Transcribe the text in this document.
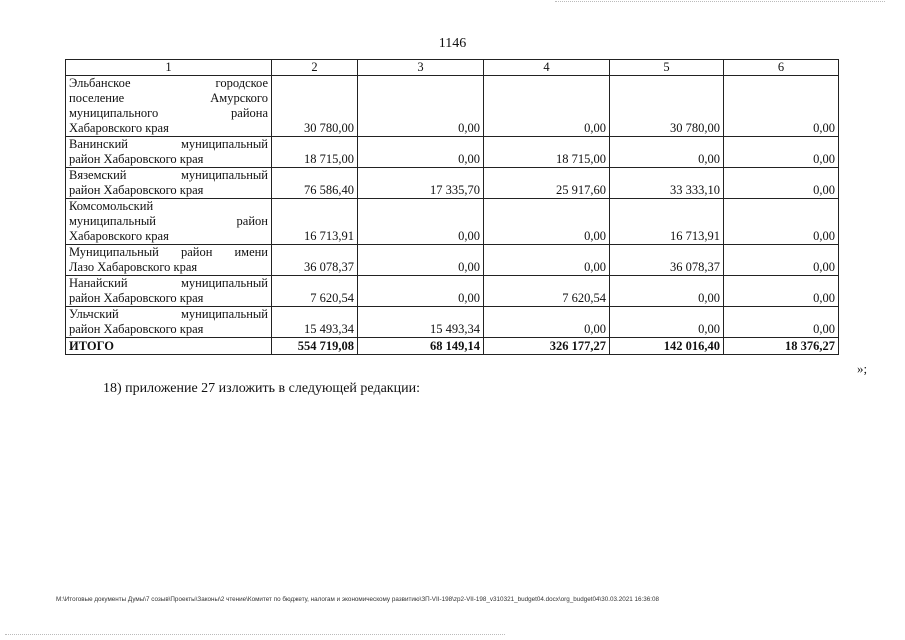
1146
1	2	3	4	5	6

Эльбанское городское
поселение Амурского
муниципального района
Хабаровского края	30 780,00	0,00	0,00	30 780,00	0,00

Ванинский муниципальный
район Хабаровского края	18 715,00	0,00	18 715,00	0,00	0,00

Вяземский муниципальный
район Хабаровского края	76 586,40	17 335,70	25 917,60	33 333,10	0,00

Комсомольский
муниципальный район
Хабаровского края	16 713,91	0,00	0,00	16 713,91	0,00

Муниципальный район имени
Лазо Хабаровского края	36 078,37	0,00	0,00	36 078,37	0,00

Нанайский муниципальный
район Хабаровского края	7 620,54	0,00	7 620,54	0,00	0,00

Ульчский муниципальный
район Хабаровского края	15 493,34	15 493,34	0,00	0,00	0,00
ИТОГО	554 719,08	68 149,14	326 177,27	142 016,40	18 376,27
»;
18) приложение 27 изложить в следующей редакции:
M:\Итоговые документы Думы\7 созыв\Проекты\Законы\2 чтение\Комитет по бюджету, налогам и экономическому развитию\ЗП-VII-198\zp2-VII-198_v310321_budget04.docx\org_budget04\30.03.2021 16:36:08
